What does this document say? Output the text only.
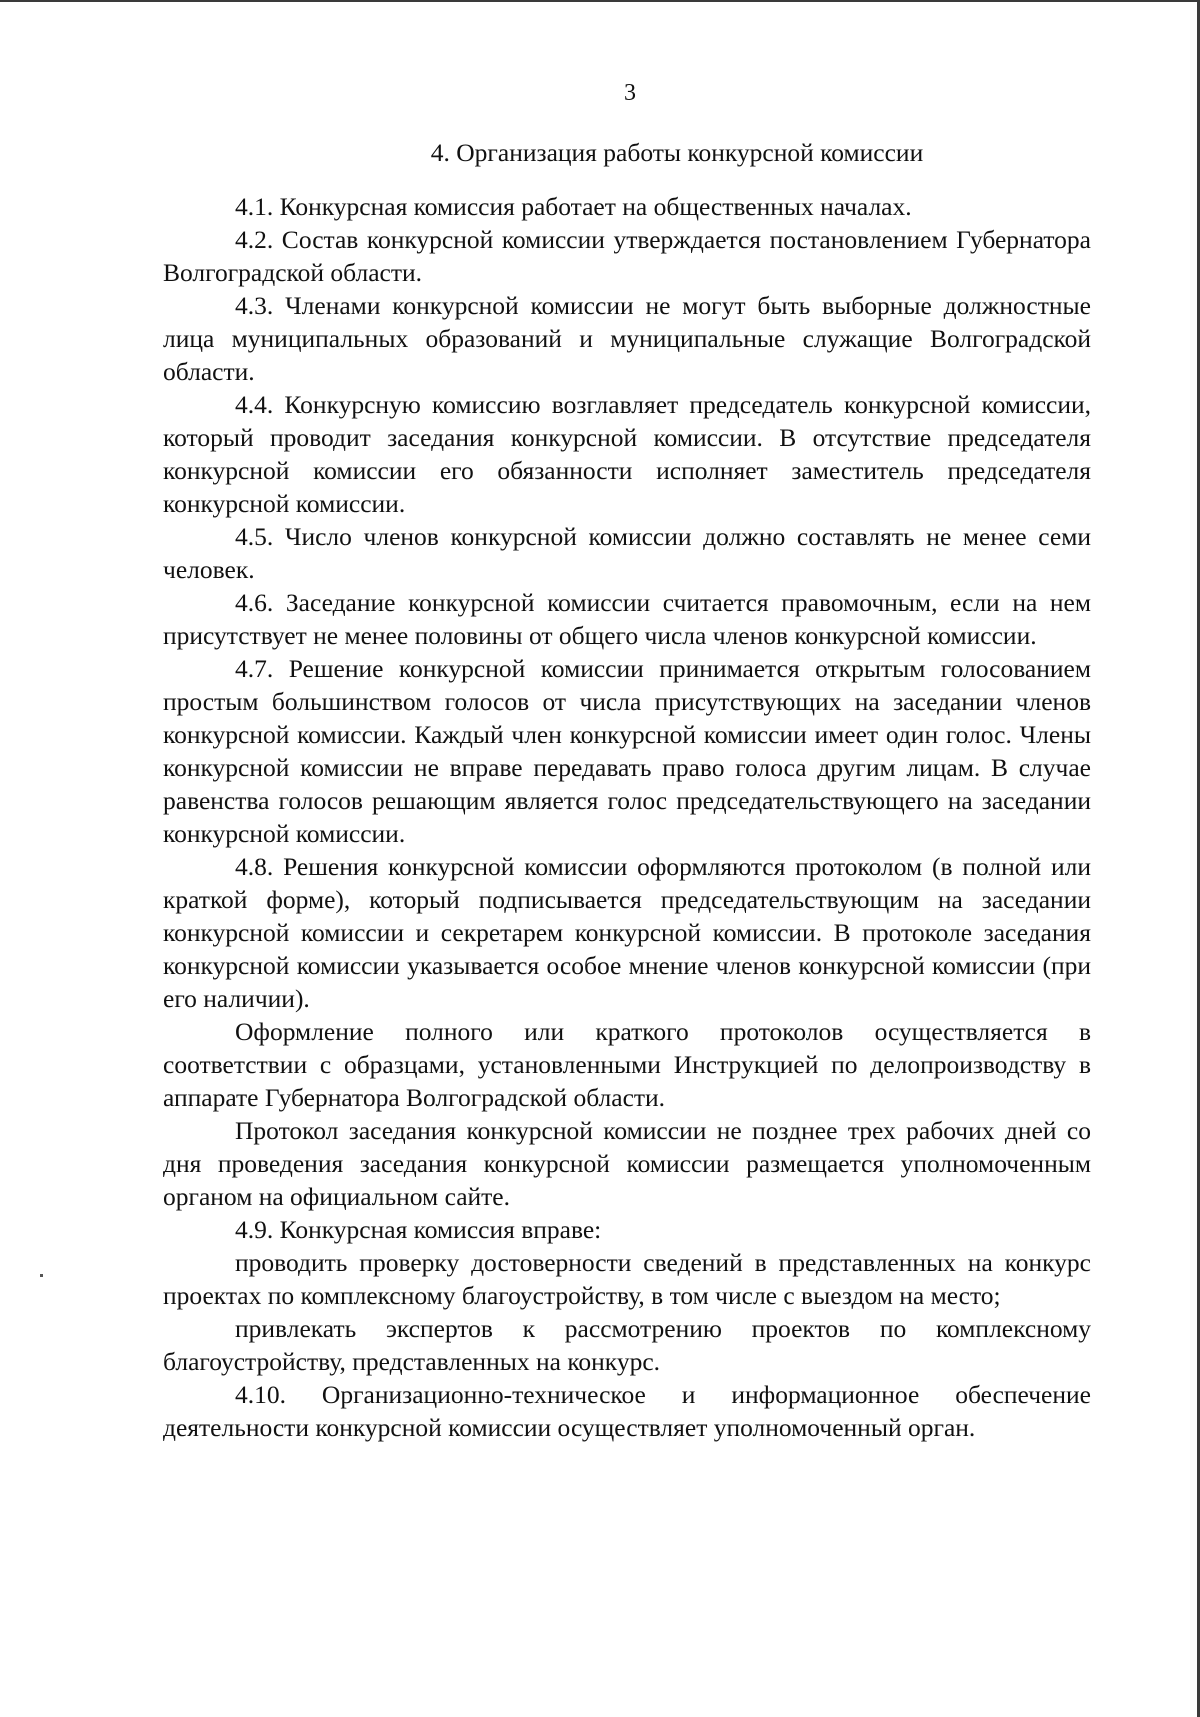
3
4. Организация работы конкурсной комиссии

4.1. Конкурсная комиссия работает на общественных началах.

4.2. Состав конкурсной комиссии утверждается постановлением Губернатора Волгоградской области.

4.3. Членами конкурсной комиссии не могут быть выборные должностные лица муниципальных образований и муниципальные служащие Волгоградской области.

4.4. Конкурсную комиссию возглавляет председатель конкурсной комиссии, который проводит заседания конкурсной комиссии. В отсутствие председателя конкурсной комиссии его обязанности исполняет заместитель председателя конкурсной комиссии.

4.5. Число членов конкурсной комиссии должно составлять не менее семи человек.

4.6. Заседание конкурсной комиссии считается правомочным, если на нем присутствует не менее половины от общего числа членов конкурсной комиссии.

4.7. Решение конкурсной комиссии принимается открытым голосованием простым большинством голосов от числа присутствующих на заседании членов конкурсной комиссии. Каждый член конкурсной комиссии имеет один голос. Члены конкурсной комиссии не вправе передавать право голоса другим лицам. В случае равенства голосов решающим является голос председательствующего на заседании конкурсной комиссии.

4.8. Решения конкурсной комиссии оформляются протоколом (в полной или краткой форме), который подписывается председательствующим на заседании конкурсной комиссии и секретарем конкурсной комиссии. В протоколе заседания конкурсной комиссии указывается особое мнение членов конкурсной комиссии (при его наличии).

Оформление полного или краткого протоколов осуществляется в соответствии с образцами, установленными Инструкцией по делопроизводству в аппарате Губернатора Волгоградской области.

Протокол заседания конкурсной комиссии не позднее трех рабочих дней со дня проведения заседания конкурсной комиссии размещается уполномоченным органом на официальном сайте.

4.9. Конкурсная комиссия вправе:

проводить проверку достоверности сведений в представленных на конкурс проектах по комплексному благоустройству, в том числе с выездом на место;

привлекать экспертов к рассмотрению проектов по комплексному благоустройству, представленных на конкурс.

4.10. Организационно-техническое и информационное обеспечение деятельности конкурсной комиссии осуществляет уполномоченный орган.
